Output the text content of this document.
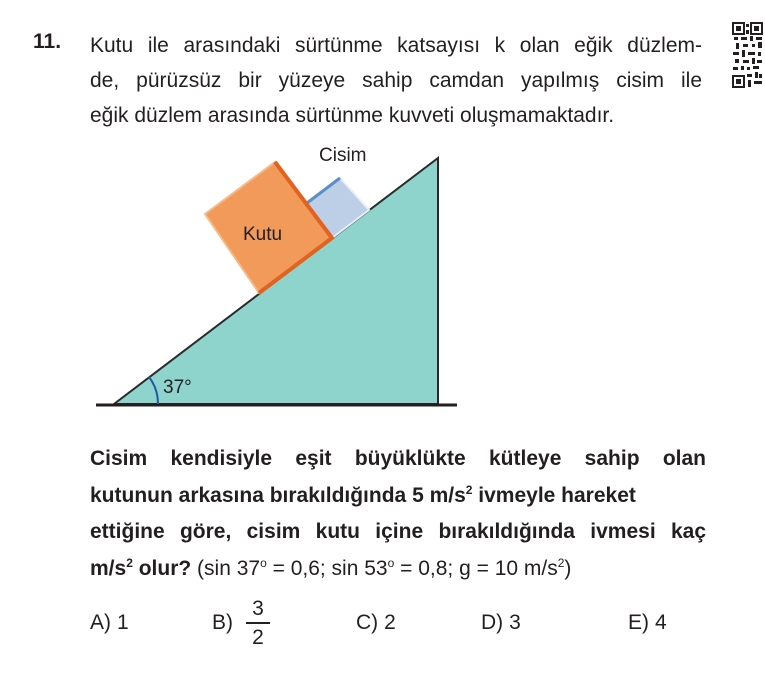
11. Kutu ile arasındaki sürtünme katsayısı k olan eğik düzlem-
de, pürüzsüz bir yüzeye sahip camdan yapılmış cisim ile
eğik düzlem arasında sürtünme kuvveti oluşmamaktadır.
37°
Kutu
Cisim
Cisim kendisiyle eşit büyüklükte kütleye sahip olan
kutunun arkasına bırakıldığında 5 $m/s^2$ ivmeyle hareket
ettiğine göre, cisim kutu içine bırakıldığında ivmesi kaç
$m/s^2$ olur? (sin $37^o = 0,6$; $\sin 53^o = 0,8$; g = 10 $m/s^2$)
A) 1	B)
3
2
C) 2	D) 3	E) 4
